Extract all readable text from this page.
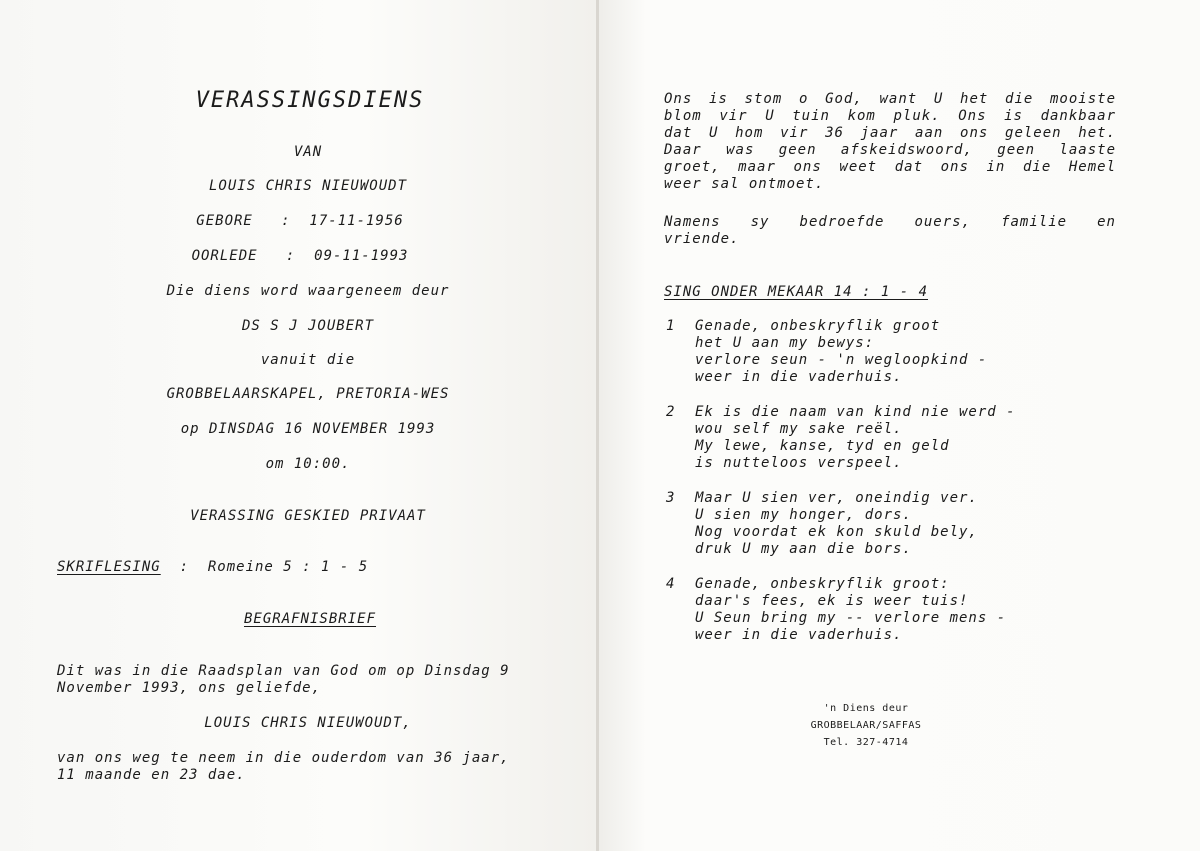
VERASSINGSDIENS
VAN
LOUIS CHRIS NIEUWOUDT
GEBORE   :  17-11-1956
OORLEDE   :  09-11-1993
Die diens word waargeneem deur
DS S J JOUBERT
vanuit die
GROBBELAARSKAPEL, PRETORIA-WES
op DINSDAG 16 NOVEMBER 1993
om 10:00.
VERASSING GESKIED PRIVAAT
SKRIFLESING  :  Romeine 5 : 1 - 5
BEGRAFNISBRIEF
Dit was in die Raadsplan van God om op Dinsdag 9
November 1993, ons geliefde,
LOUIS CHRIS NIEUWOUDT,
van ons weg te neem in die ouderdom van 36 jaar,
11 maande en 23 dae.

Ons is stom o God, want U het die mooiste

blom vir U tuin kom pluk. Ons is dankbaar

dat U hom vir 36 jaar aan ons geleen het.

Daar was geen afskeidswoord, geen laaste

groet, maar ons weet dat ons in die Hemel

weer sal ontmoet.

Namens sy bedroefde ouers, familie en

vriende.

SING ONDER MEKAAR 14 : 1 - 4
1 Genade, onbeskryflik groot
het U aan my bewys:
verlore seun - 'n wegloopkind -
weer in die vaderhuis.
2 Ek is die naam van kind nie werd -
wou self my sake reël.
My lewe, kanse, tyd en geld
is nutteloos verspeel.
3 Maar U sien ver, oneindig ver.
U sien my honger, dors.
Nog voordat ek kon skuld bely,
druk U my aan die bors.
4 Genade, onbeskryflik groot:
daar's fees, ek is weer tuis!
U Seun bring my -- verlore mens -
weer in die vaderhuis.
'n Diens deur
GROBBELAAR/SAFFAS
Tel. 327-4714
